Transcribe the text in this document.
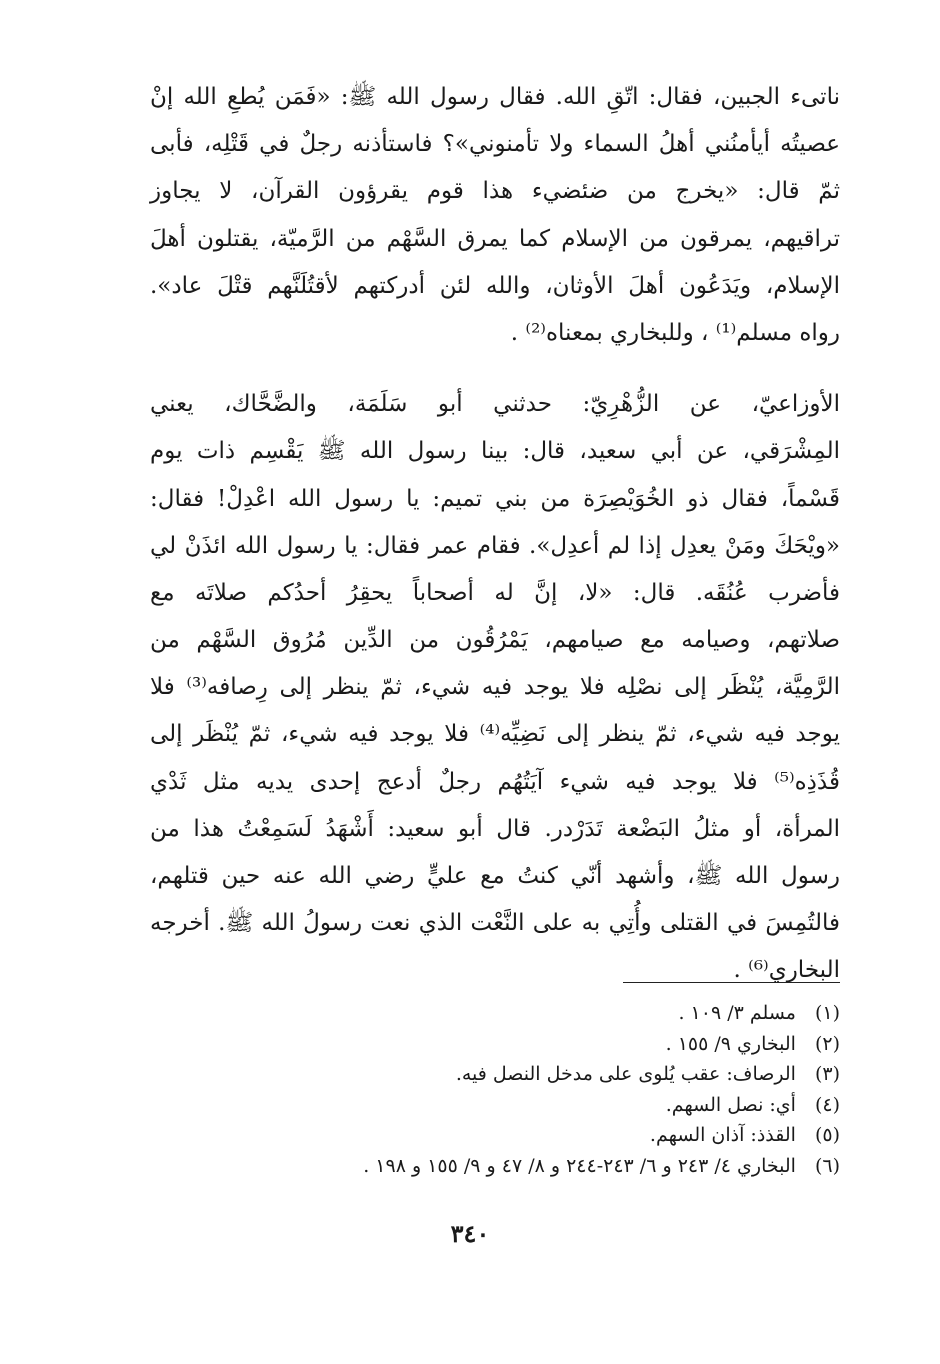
ناتىء الجبين، فقال: اتّقِ الله. فقال رسول الله ﷺ: «فَمَن يُطعِ الله إنْ
عصيتُه أيأمنُني أهلُ السماء ولا تأمنوني»؟ فاستأذنه رجلٌ في قَتْلِه، فأبى
ثمّ قال: «يخرج من ضئضيء هذا قوم يقرؤون القرآن، لا يجاوز
تراقيهم، يمرقون من الإسلام كما يمرق السَّهْم من الرَّميّة، يقتلون أهلَ
الإسلام، ويَدَعُون أهلَ الأوثان، والله لئن أدركتهم لأقتُلَنَّهم قتْلَ عاد».
رواه مسلم⁽¹⁾ ، وللبخاري بمعناه⁽²⁾ .
الأوزاعيّ، عن الزُّهْرِيّ: حدثني أبو سَلَمَة، والضَّحَّاك، يعني
المِشْرَقي، عن أبي سعيد، قال: بينا رسول الله ﷺ يَقْسِم ذات يوم
قَسْماً، فقال ذو الخُوَيْصِرَة من بني تميم: يا رسول الله اعْدِلْ! فقال:
«ويْحَكَ ومَنْ يعدِل إذا لم أعدِل». فقام عمر فقال: يا رسول الله ائذَنْ لي
فأضرب عُنُقَه. قال: «لا، إنَّ له أصحاباً يحقِرُ أحدُكم صلاتَه مع
صلاتهم، وصيامه مع صيامهم، يَمْرُقُون من الدِّين مُرُوق السَّهْم من
الرَّمِيَّة، يُنْظَر إلى نصْلِه فلا يوجد فيه شيء، ثمّ ينظر إلى رِصافه⁽³⁾ فلا
يوجد فيه شيء، ثمّ ينظر إلى نَضِيِّه⁽⁴⁾ فلا يوجد فيه شيء، ثمّ يُنْظَر إلى
قُذَذِه⁽⁵⁾ فلا يوجد فيه شيء آيَتُهُم رجلٌ أدعج إحدى يديه مثل ثَدْي
المرأة، أو مثلُ البَضْعة تَدَرْدر. قال أبو سعيد: أَشْهَدُ لَسَمِعْتُ هذا من
رسول الله ﷺ، وأشهد أنّي كنتُ مع عليٍّ رضي الله عنه حين قتلهم،
فالتُمِسَ في القتلى وأُتِي به على النَّعْت الذي نعت رسولُ الله ﷺ. أخرجه
البخاري⁽⁶⁾ .
(١) مسلم ٣/ ١٠٩ .
(٢) البخاري ٩/ ١٥٥ .
(٣) الرصاف: عقب يُلوى على مدخل النصل فيه.
(٤) أي: نصل السهم.
(٥) القذذ: آذان السهم.
(٦) البخاري ٤/ ٢٤٣ و ٦/ ٢٤٣-٢٤٤ و ٨/ ٤٧ و ٩/ ١٥٥ و ١٩٨ .
٣٤٠
